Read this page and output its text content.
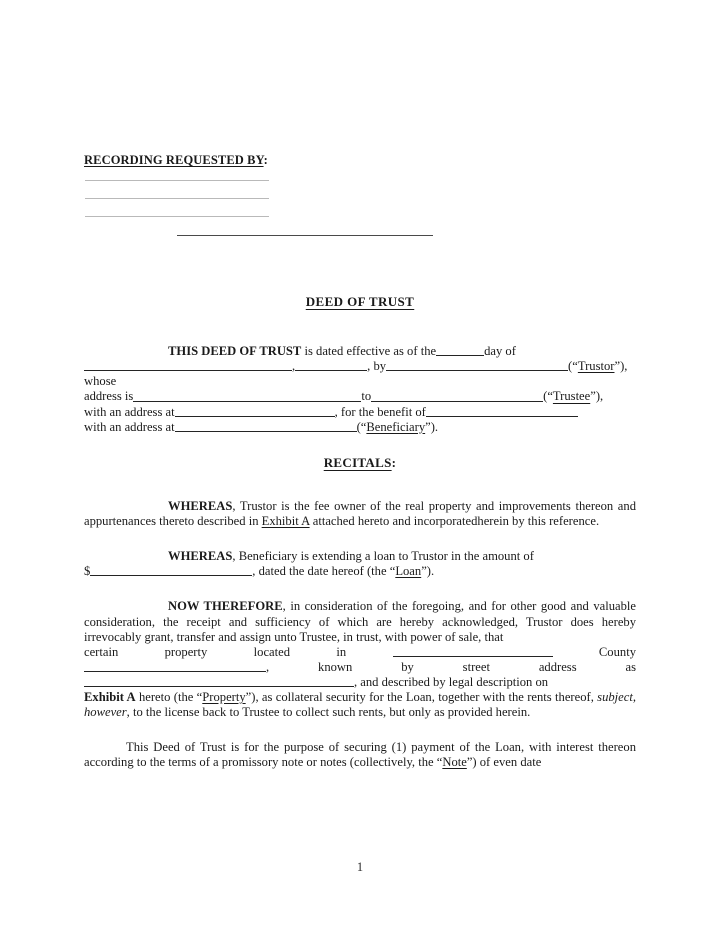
RECORDING REQUESTED BY:
DEED OF TRUST

THIS DEED OF TRUST is dated effective as of the	day of

,	, by	(“Trustor”), whose
address is	to	(“Trustee”),
with an address at	, for the benefit of
with an address at	(“Beneficiary”).
RECITALS:

WHEREAS, Trustor is the fee owner of the real property and improvements thereon and appurtenances thereto described in Exhibit A attached hereto and incorporatedherein by this reference.

WHEREAS, Beneficiary is extending a loan to Trustor in the amount of

$	, dated the date hereof (the “Loan”).

NOW THEREFORE, in consideration of the foregoing, and for other good and valuable consideration, the receipt and sufficiency of which are hereby acknowledged, Trustor does hereby irrevocably grant, transfer and assign unto Trustee, in trust, with power of sale, that

certain	property	located	in	County
,	known	by	street	address	as
, and described by legal description on

Exhibit A hereto (the “Property”), as collateral security for the Loan, together with the rents thereof, subject, however, to the license back to Trustee to collect such rents, but only as provided herein.

This Deed of Trust is for the purpose of securing (1) payment of the Loan, with interest thereon according to the terms of a promissory note or notes (collectively, the “Note”) of even date

1
